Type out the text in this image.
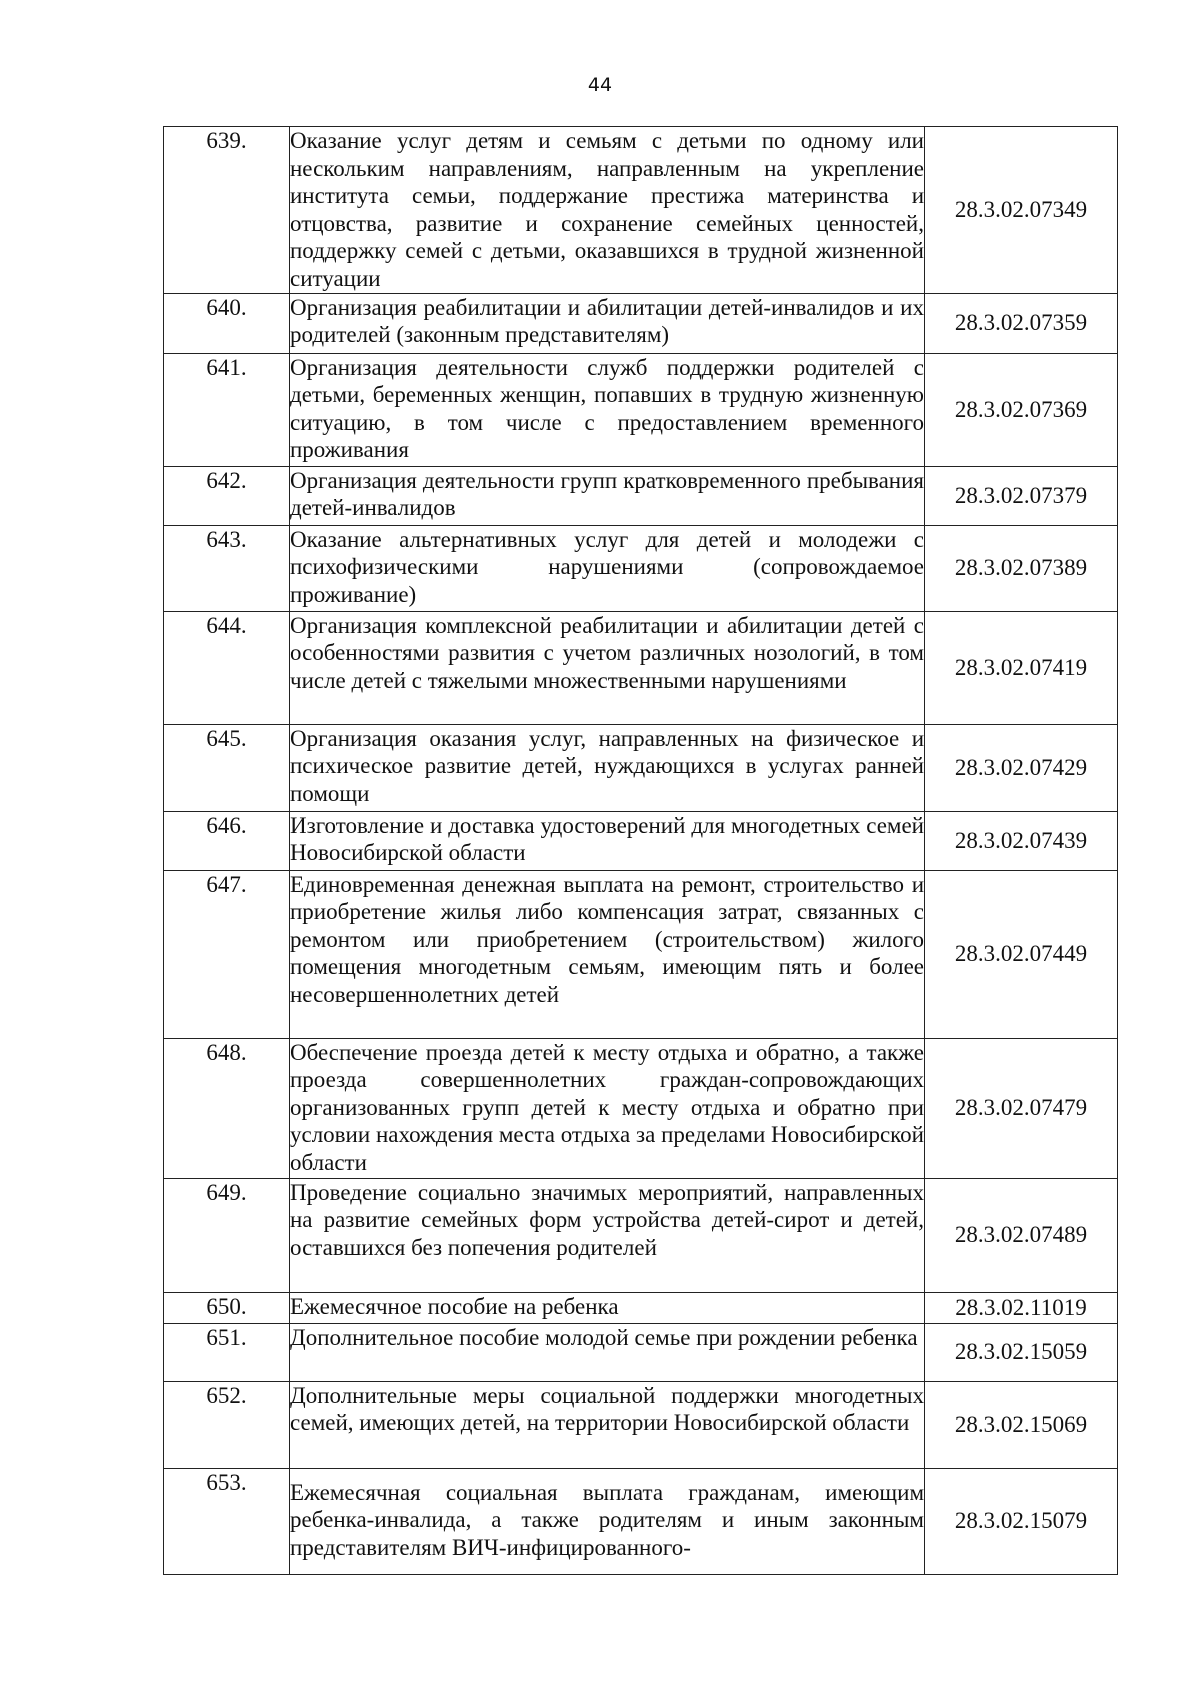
44
639.	Оказание услуг детям и семьям с детьми по одному или нескольким направлениям, направленным на укрепление института семьи, поддержание престижа материнства и отцовства, развитие и сохранение семейных ценностей, поддержку семей с детьми, оказавшихся в трудной жизненной ситуации	28.3.02.07349
640.	Организация реабилитации и абилитации детей-инвалидов и их родителей (законным представителям)	28.3.02.07359
641.	Организация деятельности служб поддержки родителей с детьми, беременных женщин, попавших в трудную жизненную ситуацию, в том числе с предоставлением временного проживания	28.3.02.07369
642.	Организация деятельности групп кратковременного пребывания детей-инвалидов	28.3.02.07379
643.	Оказание альтернативных услуг для детей и молодежи с психофизическими нарушениями (сопровождаемое проживание)	28.3.02.07389
644.	Организация комплексной реабилитации и абилитации детей с особенностями развития с учетом различных нозологий, в том числе детей с тяжелыми множественными нарушениями	28.3.02.07419
645.	Организация оказания услуг, направленных на физическое и психическое развитие детей, нуждающихся в услугах ранней помощи	28.3.02.07429
646.	Изготовление и доставка удостоверений для многодетных семей Новосибирской области	28.3.02.07439
647.	Единовременная денежная выплата на ремонт, строительство и приобретение жилья либо компенсация затрат, связанных с ремонтом или приобретением (строительством) жилого помещения многодетным семьям, имеющим пять и более несовершеннолетних детей	28.3.02.07449
648.	Обеспечение проезда детей к месту отдыха и обратно, а также проезда совершеннолетних граждан-сопровождающих организованных групп детей к месту отдыха и обратно при условии нахождения места отдыха за пределами Новосибирской области	28.3.02.07479
649.	Проведение социально значимых мероприятий, направленных на развитие семейных форм устройства детей-сирот и детей, оставшихся без попечения родителей	28.3.02.07489
650.	Ежемесячное пособие на ребенка	28.3.02.11019
651.	Дополнительное пособие молодой семье при рождении ребенка	28.3.02.15059
652.	Дополнительные меры социальной поддержки многодетных семей, имеющих детей, на территории Новосибирской области	28.3.02.15069
653.	Ежемесячная социальная выплата гражданам, имеющим ребенка-инвалида, а также родителям и иным законным представителям ВИЧ-инфицированного-	28.3.02.15079
